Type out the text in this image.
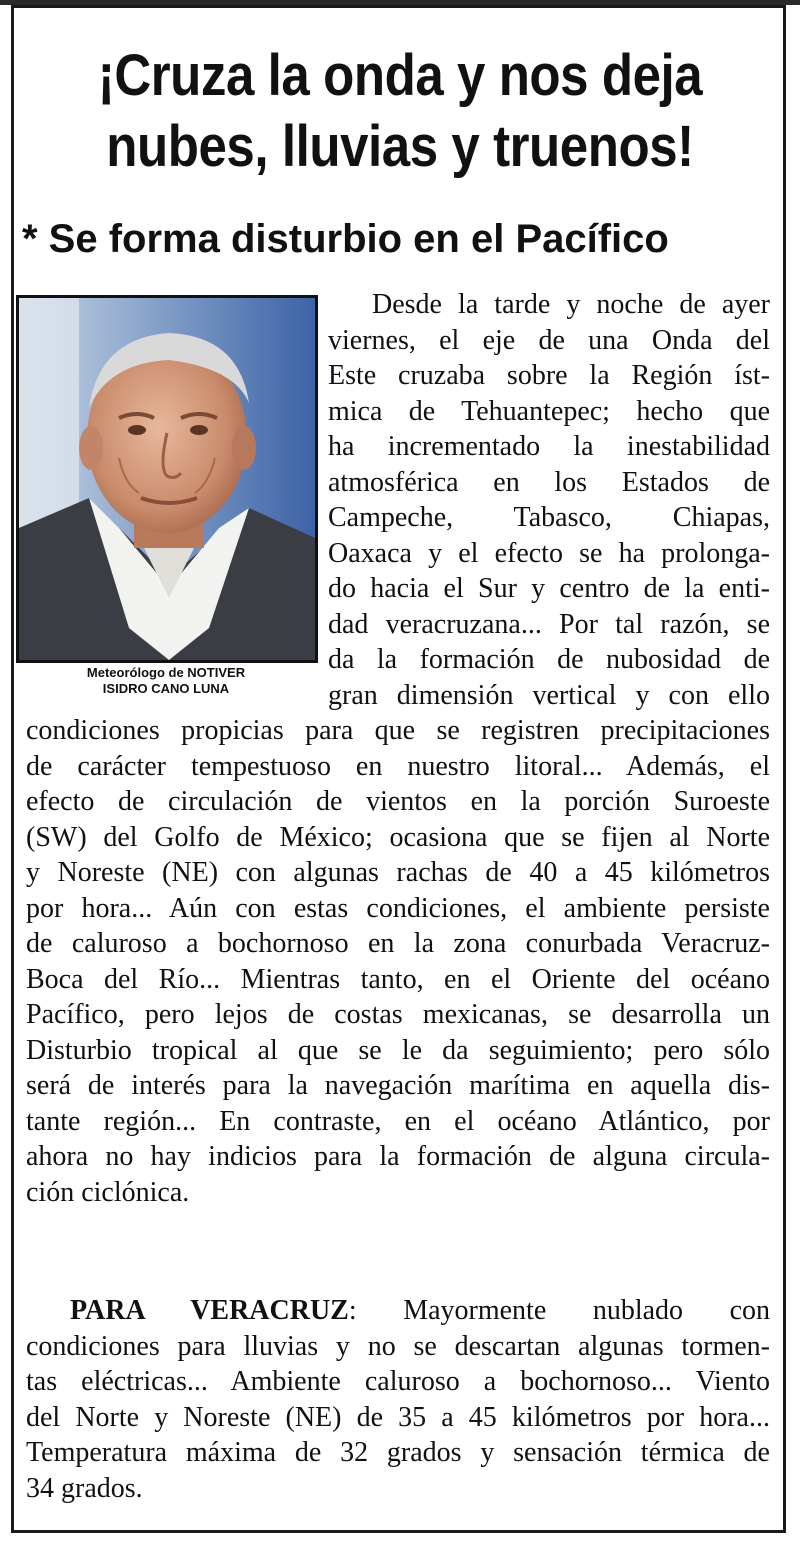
¡Cruza la onda y nos deja
nubes, lluvias y truenos!
* Se forma disturbio en el Pacífico
Meteorólogo de NOTIVER
ISIDRO CANO LUNA
Desde la tarde y noche de ayer
viernes, el eje de una Onda del
Este cruzaba sobre la Región íst-
mica de Tehuantepec; hecho que
ha incrementado la inestabilidad
atmosférica en los Estados de
Campeche, Tabasco, Chiapas,
Oaxaca y el efecto se ha prolonga-
do hacia el Sur y centro de la enti-
dad veracruzana... Por tal razón, se
da la formación de nubosidad de
gran dimensión vertical y con ello
condiciones propicias para que se registren precipitaciones
de carácter tempestuoso en nuestro litoral... Además, el
efecto de circulación de vientos en la porción Suroeste
(SW) del Golfo de México; ocasiona que se fijen al Norte
y Noreste (NE) con algunas rachas de 40 a 45 kilómetros
por hora... Aún con estas condiciones, el ambiente persiste
de caluroso a bochornoso en la zona conurbada Veracruz-
Boca del Río... Mientras tanto, en el Oriente del océano
Pacífico, pero lejos de costas mexicanas, se desarrolla un
Disturbio tropical al que se le da seguimiento; pero sólo
será de interés para la navegación marítima en aquella dis-
tante región... En contraste, en el océano Atlántico, por
ahora no hay indicios para la formación de alguna circula-
ción ciclónica.
PARA VERACRUZ: Mayormente nublado con
condiciones para lluvias y no se descartan algunas tormen-
tas eléctricas... Ambiente caluroso a bochornoso... Viento
del Norte y Noreste (NE) de 35 a 45 kilómetros por hora...
Temperatura máxima de 32 grados y sensación térmica de
34 grados.
